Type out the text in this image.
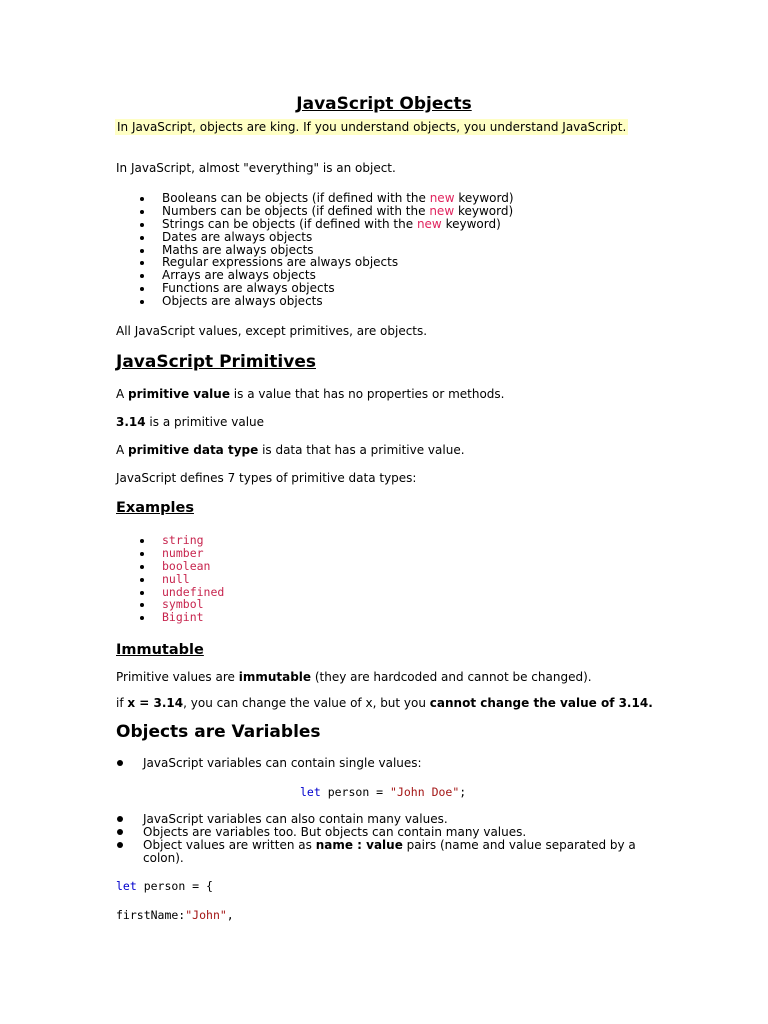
JavaScript Objects

In JavaScript, objects are king. If you understand objects, you understand JavaScript.

In JavaScript, almost "everything" is an object.

Booleans can be objects (if defined with the new keyword)
Numbers can be objects (if defined with the new keyword)
Strings can be objects (if defined with the new keyword)
Dates are always objects
Maths are always objects
Regular expressions are always objects
Arrays are always objects
Functions are always objects
Objects are always objects

All JavaScript values, except primitives, are objects.

JavaScript Primitives

A primitive value is a value that has no properties or methods.

3.14 is a primitive value

A primitive data type is data that has a primitive value.

JavaScript defines 7 types of primitive data types:

Examples
string
number
boolean
null
undefined
symbol
Bigint
Immutable

Primitive values are immutable (they are hardcoded and cannot be changed).

if x = 3.14, you can change the value of x, but you cannot change the value of 3.14.

Objects are Variables
JavaScript variables can contain single values:

let person = "John Doe";

JavaScript variables can also contain many values.
Objects are variables too. But objects can contain many values.
Object values are written as name : value pairs (name and value separated by a
colon).

let person = {

firstName:"John",
